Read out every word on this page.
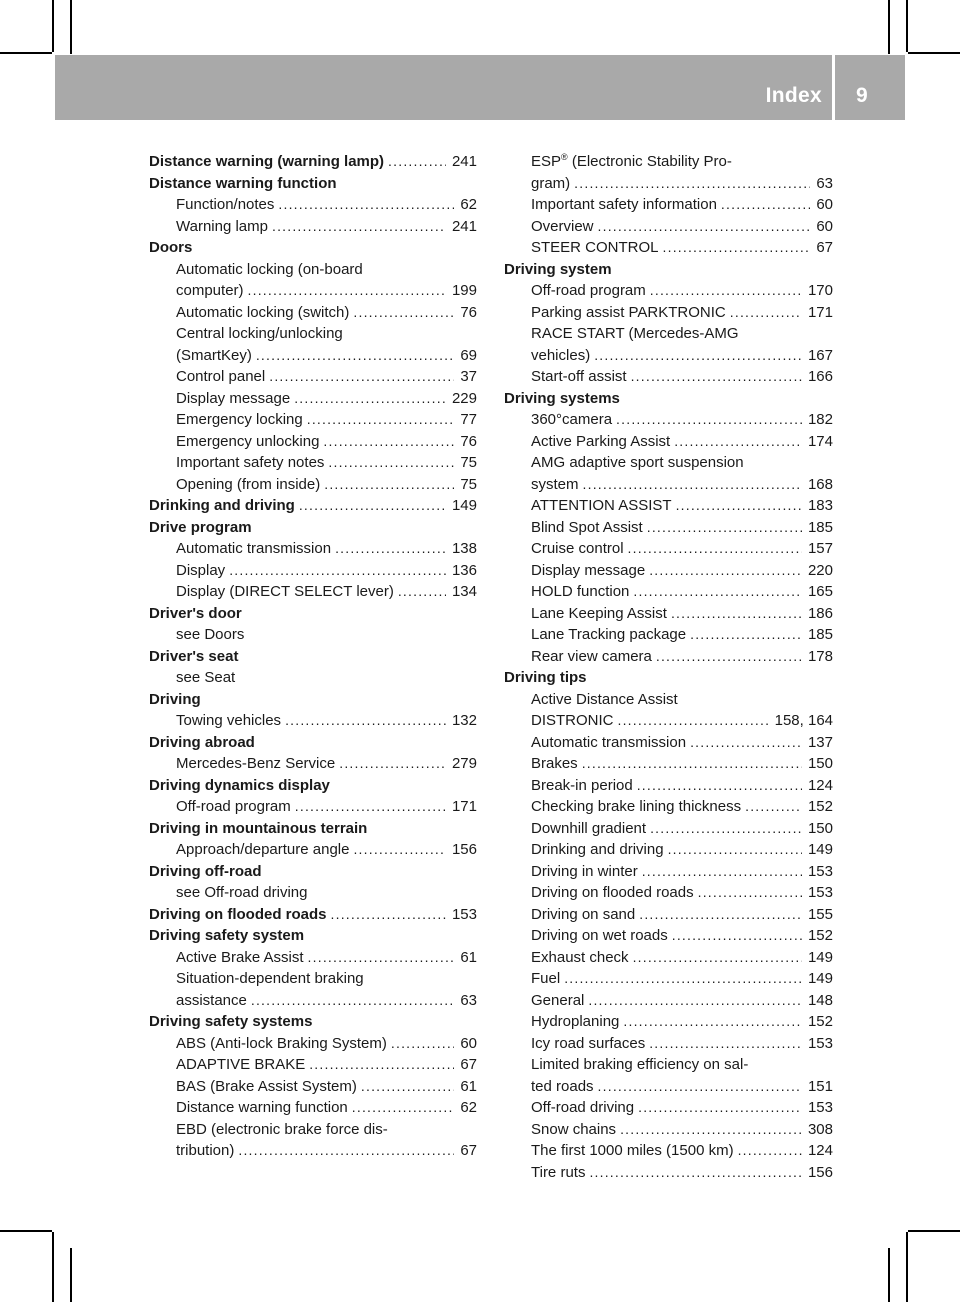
Index 9
Distance warning (warning lamp) .....	241
Distance warning function
Function/notes .....	62
Warning lamp .....	241
Doors
Automatic locking (on-board
computer) .....	199
Automatic locking (switch) .....	76
Central locking/unlocking
(SmartKey) .....	69
Control panel .....	37
Display message .....	229
Emergency locking .....	77
Emergency unlocking .....	76
Important safety notes .....	75
Opening (from inside) .....	75
Drinking and driving .....	149
Drive program
Automatic transmission .....	138
Display .....	136
Display (DIRECT SELECT lever) .....	134
Driver's door
see Doors
Driver's seat
see Seat
Driving
Towing vehicles .....	132
Driving abroad
Mercedes-Benz Service .....	279
Driving dynamics display
Off-road program .....	171
Driving in mountainous terrain
Approach/departure angle .....	156
Driving off-road
see Off-road driving
Driving on flooded roads .....	153
Driving safety system
Active Brake Assist .....	61
Situation-dependent braking
assistance .....	63
Driving safety systems
ABS (Anti-lock Braking System) .....	60
ADAPTIVE BRAKE .....	67
BAS (Brake Assist System) .....	61
Distance warning function .....	62
EBD (electronic brake force dis-
tribution) .....	67
ESP® (Electronic Stability Pro-
gram) .....	63
Important safety information .....	60
Overview .....	60
STEER CONTROL .....	67
Driving system
Off-road program .....	170
Parking assist PARKTRONIC .....	171
RACE START (Mercedes-AMG
vehicles) .....	167
Start-off assist .....	166
Driving systems
360°camera .....	182
Active Parking Assist .....	174
AMG adaptive sport suspension
system .....	168
ATTENTION ASSIST .....	183
Blind Spot Assist .....	185
Cruise control .....	157
Display message .....	220
HOLD function .....	165
Lane Keeping Assist .....	186
Lane Tracking package .....	185
Rear view camera .....	178
Driving tips
Active Distance Assist
DISTRONIC .....	158, 164
Automatic transmission .....	137
Brakes .....	150
Break-in period .....	124
Checking brake lining thickness .....	152
Downhill gradient .....	150
Drinking and driving .....	149
Driving in winter .....	153
Driving on flooded roads .....	153
Driving on sand .....	155
Driving on wet roads .....	152
Exhaust check .....	149
Fuel .....	149
General .....	148
Hydroplaning .....	152
Icy road surfaces .....	153
Limited braking efficiency on sal-
ted roads .....	151
Off-road driving .....	153
Snow chains .....	308
The first 1000 miles (1500 km) .....	124
Tire ruts .....	156
